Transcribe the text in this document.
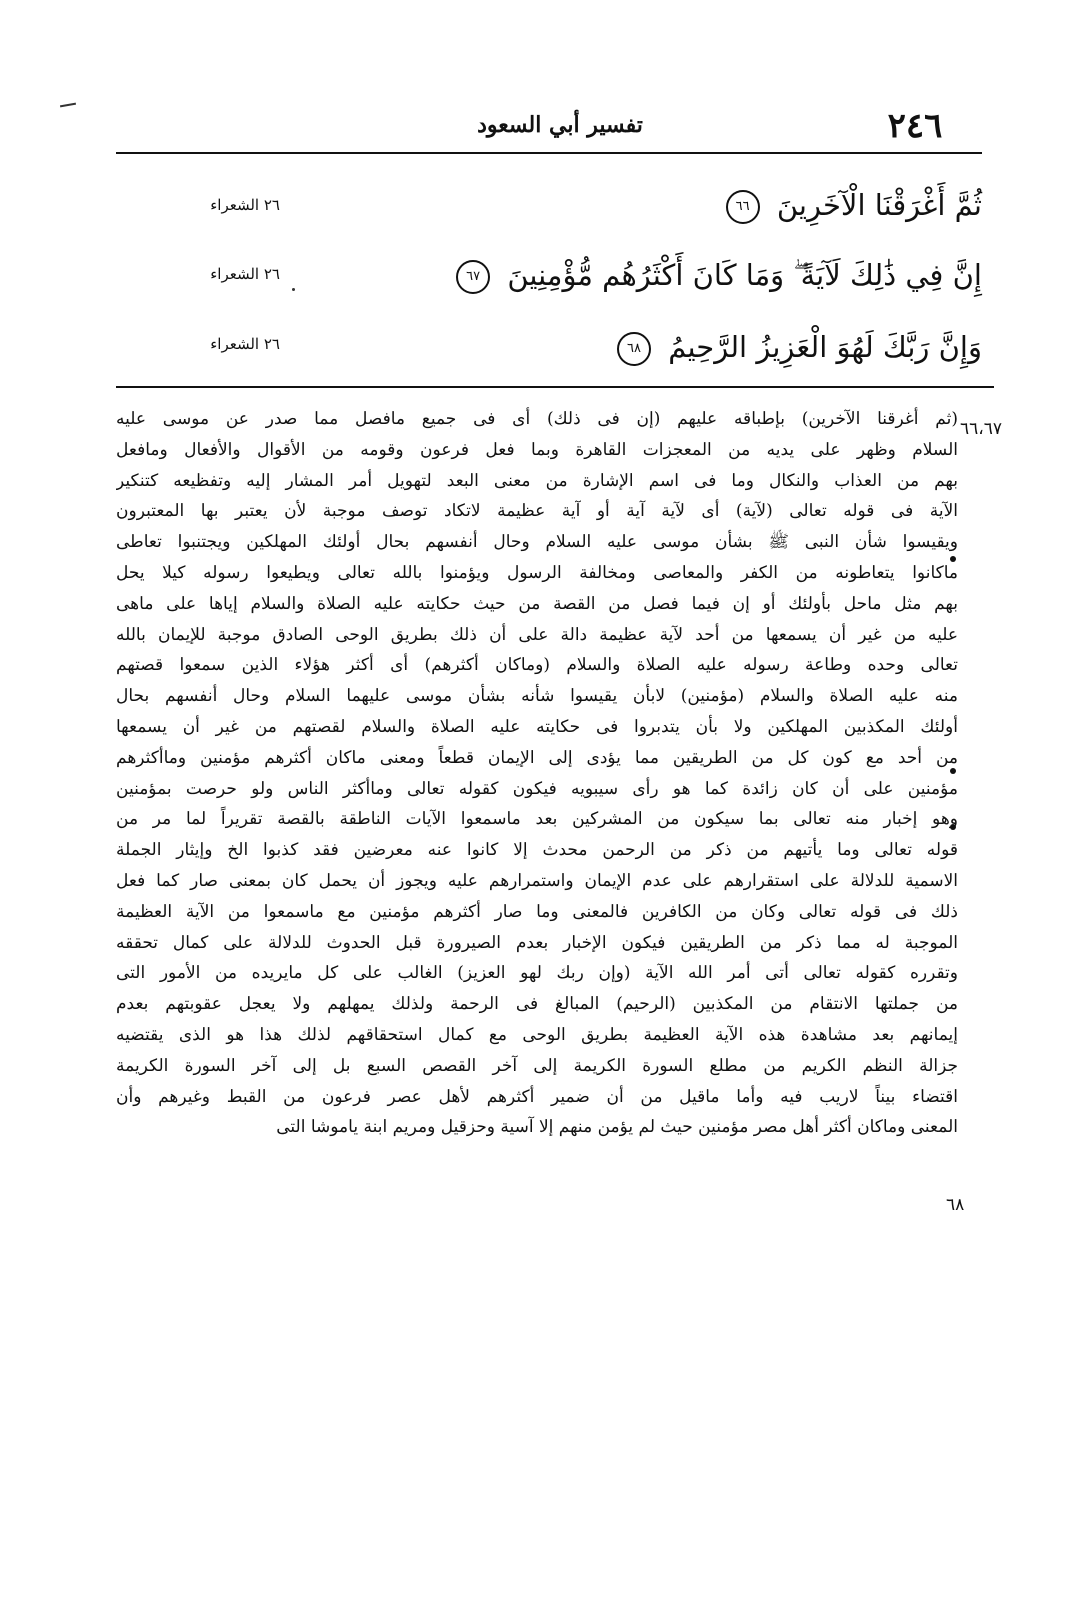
٢٤٦
تفسير أبي السعود
ثُمَّ أَغْرَقْنَا الْآخَرِينَ ٦٦
٢٦ الشعراء
إِنَّ فِي ذَٰلِكَ لَآيَةً ۖ وَمَا كَانَ أَكْثَرُهُم مُّؤْمِنِينَ ٦٧
٢٦ الشعراء
وَإِنَّ رَبَّكَ لَهُوَ الْعَزِيزُ الرَّحِيمُ ٦٨
٢٦ الشعراء
٦٦،٦٧
٦٨
(ثم أغرقنا الآخرين) بإطباقه عليهم (إن فى ذلك) أى فى جميع مافصل مما صدر عن موسى عليه
السلام وظهر على يديه من المعجزات القاهرة وبما فعل فرعون وقومه من الأقوال والأفعال ومافعل
بهم من العذاب والنكال وما فى اسم الإشارة من معنى البعد لتهويل أمر المشار إليه وتفظيعه كتنكير
الآية فى قوله تعالى (لآية) أى لآية آية أو آية عظيمة لاتكاد توصف موجبة لأن يعتبر بها المعتبرون
ويقيسوا شأن النبى ﷺ بشأن موسى عليه السلام وحال أنفسهم بحال أولئك المهلكين ويجتنبوا تعاطى
ماكانوا يتعاطونه من الكفر والمعاصى ومخالفة الرسول ويؤمنوا بالله تعالى ويطيعوا رسوله كيلا يحل
بهم مثل ماحل بأولئك أو إن فيما فصل من القصة من حيث حكايته عليه الصلاة والسلام إياها على ماهى
عليه من غير أن يسمعها من أحد لآية عظيمة دالة على أن ذلك بطريق الوحى الصادق موجبة للإيمان بالله
تعالى وحده وطاعة رسوله عليه الصلاة والسلام (وماكان أكثرهم) أى أكثر هؤلاء الذين سمعوا قصتهم
منه عليه الصلاة والسلام (مؤمنين) لابأن يقيسوا شأنه بشأن موسى عليهما السلام وحال أنفسهم بحال
أولئك المكذبين المهلكين ولا بأن يتدبروا فى حكايته عليه الصلاة والسلام لقصتهم من غير أن يسمعها
من أحد مع كون كل من الطريقين مما يؤدى إلى الإيمان قطعاً ومعنى ماكان أكثرهم مؤمنين وماأكثرهم
مؤمنين على أن كان زائدة كما هو رأى سيبويه فيكون كقوله تعالى وماأكثر الناس ولو حرصت بمؤمنين
وهو إخبار منه تعالى بما سيكون من المشركين بعد ماسمعوا الآيات الناطقة بالقصة تقريراً لما مر من
قوله تعالى وما يأتيهم من ذكر من الرحمن محدث إلا كانوا عنه معرضين فقد كذبوا الخ وإيثار الجملة
الاسمية للدلالة على استقرارهم على عدم الإيمان واستمرارهم عليه ويجوز أن يحمل كان بمعنى صار كما فعل
ذلك فى قوله تعالى وكان من الكافرين فالمعنى وما صار أكثرهم مؤمنين مع ماسمعوا من الآية العظيمة
الموجبة له مما ذكر من الطريقين فيكون الإخبار بعدم الصيرورة قبل الحدوث للدلالة على كمال تحققه
وتقرره كقوله تعالى أتى أمر الله الآية (وإن ربك لهو العزيز) الغالب على كل مايريده من الأمور التى
من جملتها الانتقام من المكذبين (الرحيم) المبالغ فى الرحمة ولذلك يمهلهم ولا يعجل عقوبتهم بعدم
إيمانهم بعد مشاهدة هذه الآية العظيمة بطريق الوحى مع كمال استحقاقهم لذلك هذا هو الذى يقتضيه
جزالة النظم الكريم من مطلع السورة الكريمة إلى آخر القصص السبع بل إلى آخر السورة الكريمة
اقتضاء بيناً لاريب فيه وأما ماقيل من أن ضمير أكثرهم لأهل عصر فرعون من القبط وغيرهم وأن
المعنى وماكان أكثر أهل مصر مؤمنين حيث لم يؤمن منهم إلا آسية وحزقيل ومريم ابنة ياموشا التى
